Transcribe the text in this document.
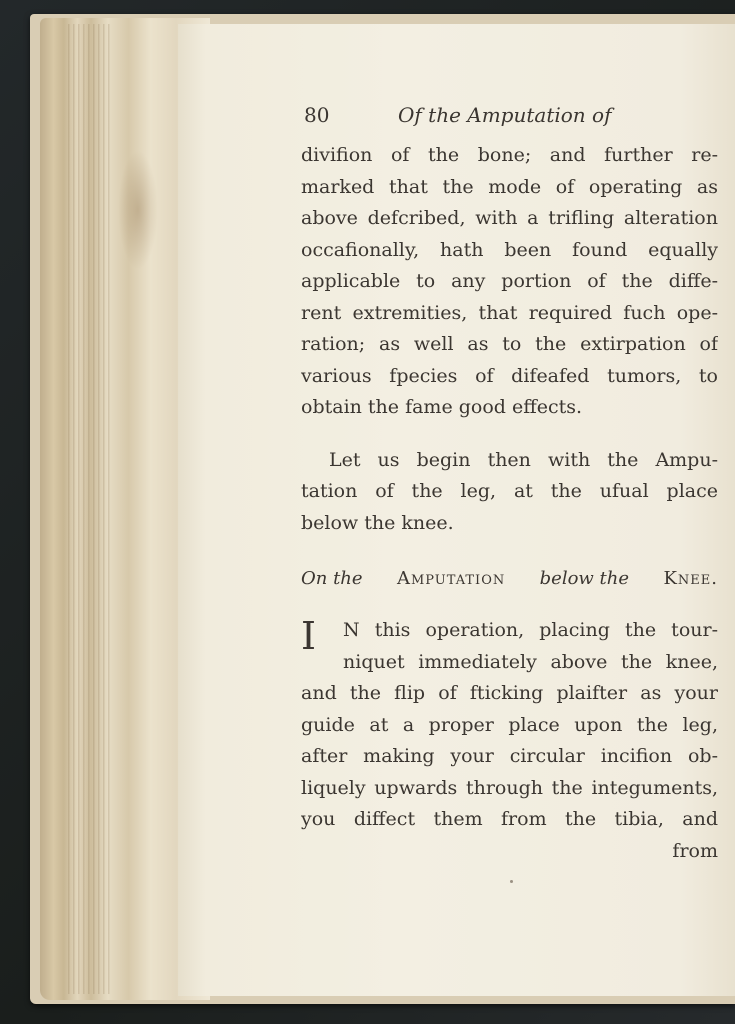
80	Of the Amputation of
divifion of the bone; and further re-
marked that the mode of operating as
above defcribed, with a trifling alteration
occafionally, hath been found equally
applicable to any portion of the diffe-
rent extremities, that required fuch ope-
ration; as well as to the extirpation of
various fpecies of difeafed tumors, to
obtain the fame good effects.
Let us begin then with the Ampu-
tation of the leg, at the ufual place
below the knee.
On the Amputation below the Knee.
I	N this operation, placing the tour-
niquet immediately above the knee,
and the flip of fticking plaifter as your
guide at a proper place upon the leg,
after making your circular incifion ob-
liquely upwards through the integuments,
you diffect them from the tibia, and
from
